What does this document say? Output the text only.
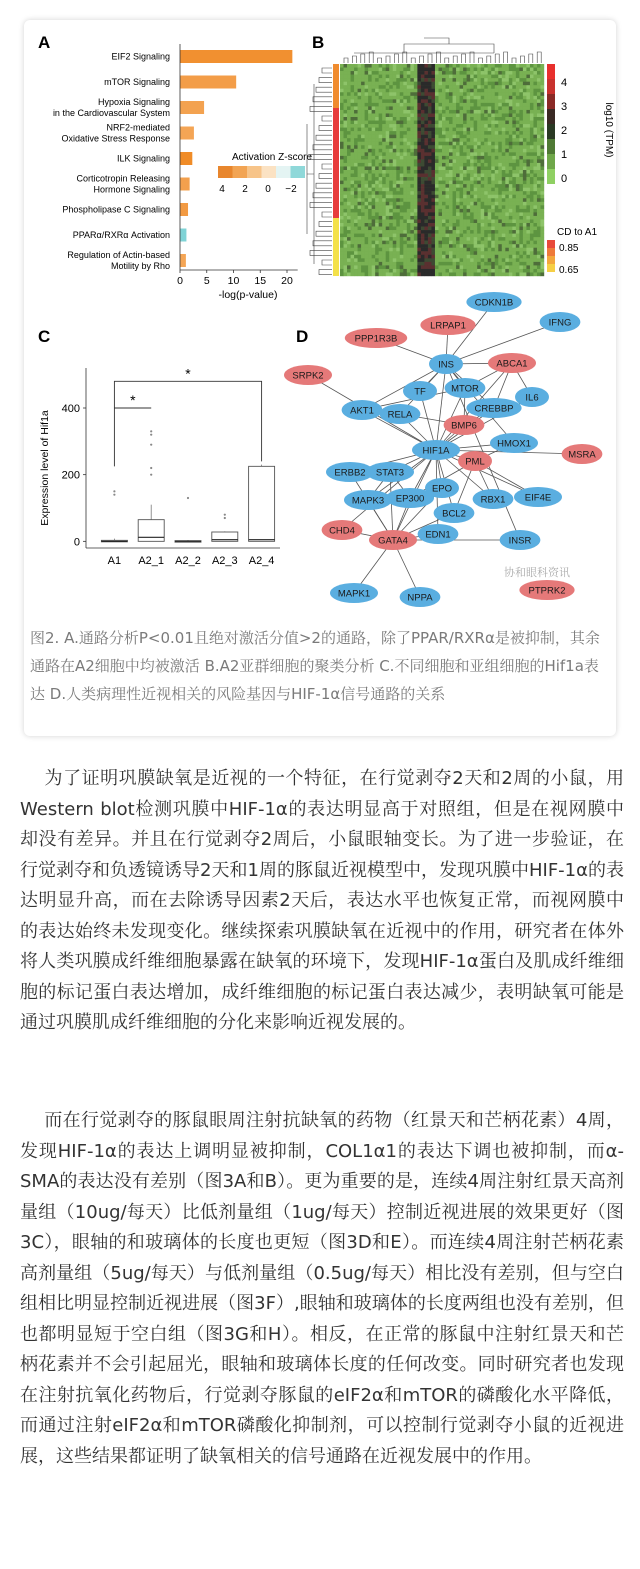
A
EIF2 Signaling
mTOR Signaling
Hypoxia Signaling
in the Cardiovascular System
NRF2-mediated
Oxidative Stress Response
ILK Signaling
Corticotropin Releasing
Hormone Signaling
Phospholipase C Signaling
PPARα/RXRα Activation
Regulation of Actin-based
Motility by Rho
0 5 10 15 20
Activation Z-score
4 2 0 −2
-log(p-value)
B
4
3
2
1
0
0.85
0.65
log10 (TPM)
CD to A1
C
Expression level of Hif1a
400
200
0
A1 A2_1 A2_2 A2_3 A2_4
*
*
D
CDKN1B
IFNG
PPP1R3B
LRPAP1
SRPK2
INS	ABCA1
TF	MTOR
IL6
AKT1 RELA
CREBBP
BMP6
HIF1A
HMOX1
MSRA
PML
ERBB2 STAT3
EPO
MAPK3 EP300	RBX1 EIF4E
BCL2
CHD4	EDN1
GATA4	INSR
MAPK1	NPPA
PTPRK2
协和眼科资讯
图2. A.通路分析P<0.01且绝对激活分值>2的通路，除了PPAR/RXRα是被抑制，其余通路在A2细胞中均被激活 B.A2亚群细胞的聚类分析 C.不同细胞和亚组细胞的Hif1a表达 D.人类病理性近视相关的风险基因与HIF-1α信号通路的关系
为了证明巩膜缺氧是近视的一个特征，在行觉剥夺2天和2周的小鼠，用Western blot检测巩膜中HIF-1α的表达明显高于对照组，但是在视网膜中却没有差异。并且在行觉剥夺2周后，小鼠眼轴变长。为了进一步验证，在行觉剥夺和负透镜诱导2天和1周的豚鼠近视模型中，发现巩膜中HIF-1α的表达明显升高，而在去除诱导因素2天后，表达水平也恢复正常，而视网膜中的表达始终未发现变化。继续探索巩膜缺氧在近视中的作用，研究者在体外将人类巩膜成纤维细胞暴露在缺氧的环境下，发现HIF-1α蛋白及肌成纤维细胞的标记蛋白表达增加，成纤维细胞的标记蛋白表达减少，表明缺氧可能是通过巩膜肌成纤维细胞的分化来影响近视发展的。
而在行觉剥夺的豚鼠眼周注射抗缺氧的药物（红景天和芒柄花素）4周，发现HIF-1α的表达上调明显被抑制，COL1α1的表达下调也被抑制，而α-SMA的表达没有差别（图3A和B）。更为重要的是，连续4周注射红景天高剂量组（10ug/每天）比低剂量组（1ug/每天）控制近视进展的效果更好（图3C），眼轴的和玻璃体的长度也更短（图3D和E）。而连续4周注射芒柄花素高剂量组（5ug/每天）与低剂量组（0.5ug/每天）相比没有差别，但与空白组相比明显控制近视进展（图3F）,眼轴和玻璃体的长度两组也没有差别，但也都明显短于空白组（图3G和H）。相反，在正常的豚鼠中注射红景天和芒柄花素并不会引起屈光，眼轴和玻璃体长度的任何改变。同时研究者也发现在注射抗氧化药物后，行觉剥夺豚鼠的eIF2α和mTOR的磷酸化水平降低，而通过注射eIF2α和mTOR磷酸化抑制剂，可以控制行觉剥夺小鼠的近视进展，这些结果都证明了缺氧相关的信号通路在近视发展中的作用。
